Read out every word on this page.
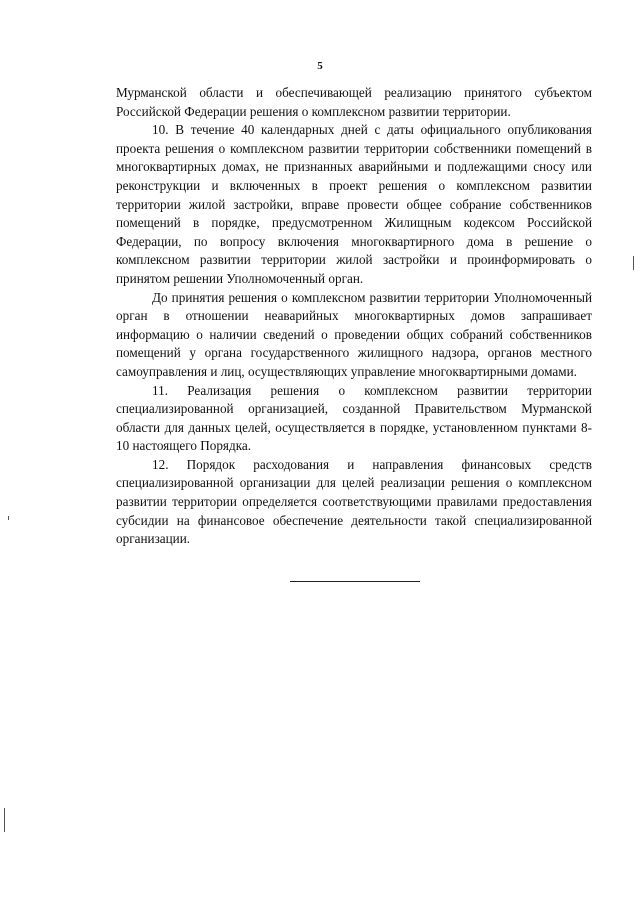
5

Мурманской области и обеспечивающей реализацию принятого субъектом Российской Федерации решения о комплексном развитии территории.

10. В течение 40 календарных дней с даты официального опубликования проекта решения о комплексном развитии территории собственники помещений в многоквартирных домах, не признанных аварийными и подлежащими сносу или реконструкции и включенных в проект решения о комплексном развитии территории жилой застройки, вправе провести общее собрание собственников помещений в порядке, предусмотренном Жилищным кодексом Российской Федерации, по вопросу включения многоквартирного дома в решение о комплексном развитии территории жилой застройки и проинформировать о принятом решении Уполномоченный орган.

До принятия решения о комплексном развитии территории Уполномоченный орган в отношении неаварийных многоквартирных домов запрашивает информацию о наличии сведений о проведении общих собраний собственников помещений у органа государственного жилищного надзора, органов местного самоуправления и лиц, осуществляющих управление многоквартирными домами.

11. Реализация решения о комплексном развитии территории специализированной организацией, созданной Правительством Мурманской области для данных целей, осуществляется в порядке, установленном пунктами 8-10 настоящего Порядка.

12. Порядок расходования и направления финансовых средств специализированной организации для целей реализации решения о комплексном развитии территории определяется соответствующими правилами предоставления субсидии на финансовое обеспечение деятельности такой специализированной организации.
